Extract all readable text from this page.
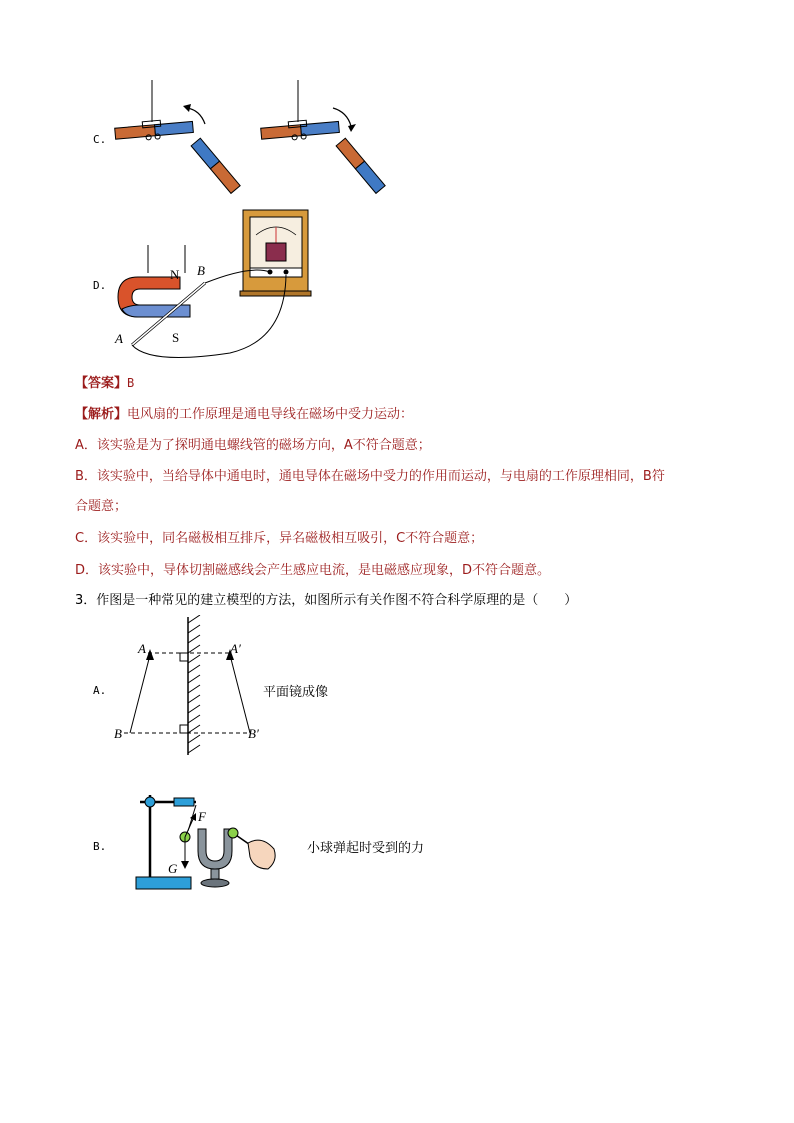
C.
D.
N B
A	S
【答案】B
【解析】电风扇的工作原理是通电导线在磁场中受力运动：
A．该实验是为了探明通电螺线管的磁场方向，A不符合题意；
B．该实验中，当给导体中通电时，通电导体在磁场中受力的作用而运动，与电扇的工作原理相同，B符
合题意；
C．该实验中，同名磁极相互排斥，异名磁极相互吸引，C不符合题意；
D．该实验中，导体切割磁感线会产生感应电流，是电磁感应现象，D不符合题意。
3．作图是一种常见的建立模型的方法，如图所示有关作图不符合科学原理的是（　　）
A.
A	A′
B	B′
平面镜成像
B.
F
G
小球弹起时受到的力
